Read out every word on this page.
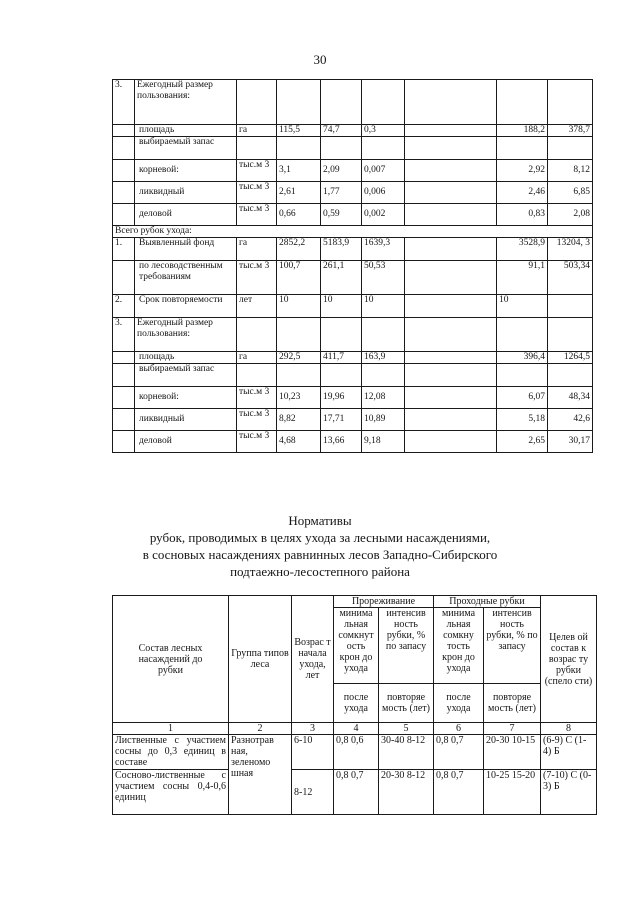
30
3.	Ежегодный размер пользования:							
	площадь	га	115,5	74,7	0,3		188,2	378,7
	выбираемый запас							
	корневой:	тыс.м 3	3,1	2,09	0,007		2,92	8,12
	ликвидный	тыс.м 3	2,61	1,77	0,006		2,46	6,85
	деловой	тыс.м 3	0,66	0,59	0,002		0,83	2,08
Всего рубок ухода:								
1.	Выявленный фонд	га	2852,2	5183,9	1639,3		3528,9	13204, 3
	по лесоводственным требованиям	тыс.м 3	100,7	261,1	50,53		91,1	503,34
2.	Срок повторяемости	лет	10	10	10		10	
3.	Ежегодный размер пользования:							
	площадь	га	292,5	411,7	163,9		396,4	1264,5
	выбираемый запас							
	корневой:	тыс.м 3	10,23	19,96	12,08		6,07	48,34
	ликвидный	тыс.м 3	8,82	17,71	10,89		5,18	42,6
	деловой	тыс.м 3	4,68	13,66	9,18		2,65	30,17
Нормативы
рубок, проводимых в целях ухода за лесными насаждениями,
в сосновых насаждениях равнинных лесов Западно-Сибирского
подтаежно-лесостепного района
Состав лесных насаждений до рубки	Группа типов леса	Возрас т начала ухода, лет	Прореживание		Проходные рубки		Целев ой состав к возрас ту рубки (спело сти)
			минима льная сомкнут ость крон до ухода	интенсив ность рубки, % по запасу	минима льная сомкну тость крон до ухода	интенсив ность рубки, % по запасу	
			после ухода	повторяе мость (лет)	после ухода	повторяе мость (лет)	
1	2	3	4	5	6	7	8
Лиственные с участием сосны до 0,3 единиц в составе	Разнотрав ная, зеленомо шная	6-10	0,8 0,6	30-40 8-12	0,8 0,7	20-30 10-15	(6-9) С (1-4) Б
Сосново-лиственные с участием сосны 0,4-0,6 единиц		8-12	0,8 0,7	20-30 8-12	0,8 0,7	10-25 15-20	(7-10) С (0-3) Б
